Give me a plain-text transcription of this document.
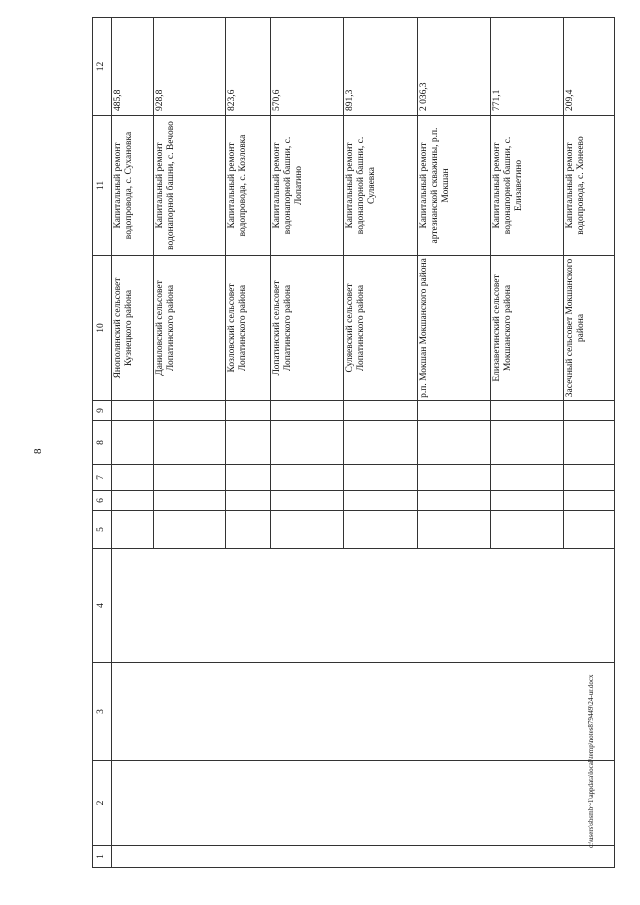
8
1	2	3	4	5	6	7	8	9	10	11	12
									Янополянский сельсовет Кузнецкого района	Капитальный ремонт водопровода, с. Сухановка	485,8
									Даниловский сельсовет Лопатинского района	Капитальный ремонт водонапорной башни, с. Вечово	928,8
									Козловский сельсовет Лопатинского района	Капитальный ремонт водопровода, с. Козловка	823,6
									Лопатинский сельсовет Лопатинского района	Капитальный ремонт водонапорной башни, с. Лопатино	570,6
									Суляевский сельсовет Лопатинского района	Капитальный ремонт водонапорной башни, с. Суляевка	891,3
									р.п. Мокшан Мокшанского района	Капитальный ремонт артезианской скважины, р.п. Мокшан	2 036,3
									Елизаветинский сельсовет Мокшанского района	Капитальный ремонт водонапорной башни, с. Елизаветино	771,1
									Засечный сельсовет Мокшанского района	Капитальный ремонт водопровода, с. Хонеево	209,4
c:\users\sbsmb~1\appdata\local\temp\notes879449\24-ur.docx
